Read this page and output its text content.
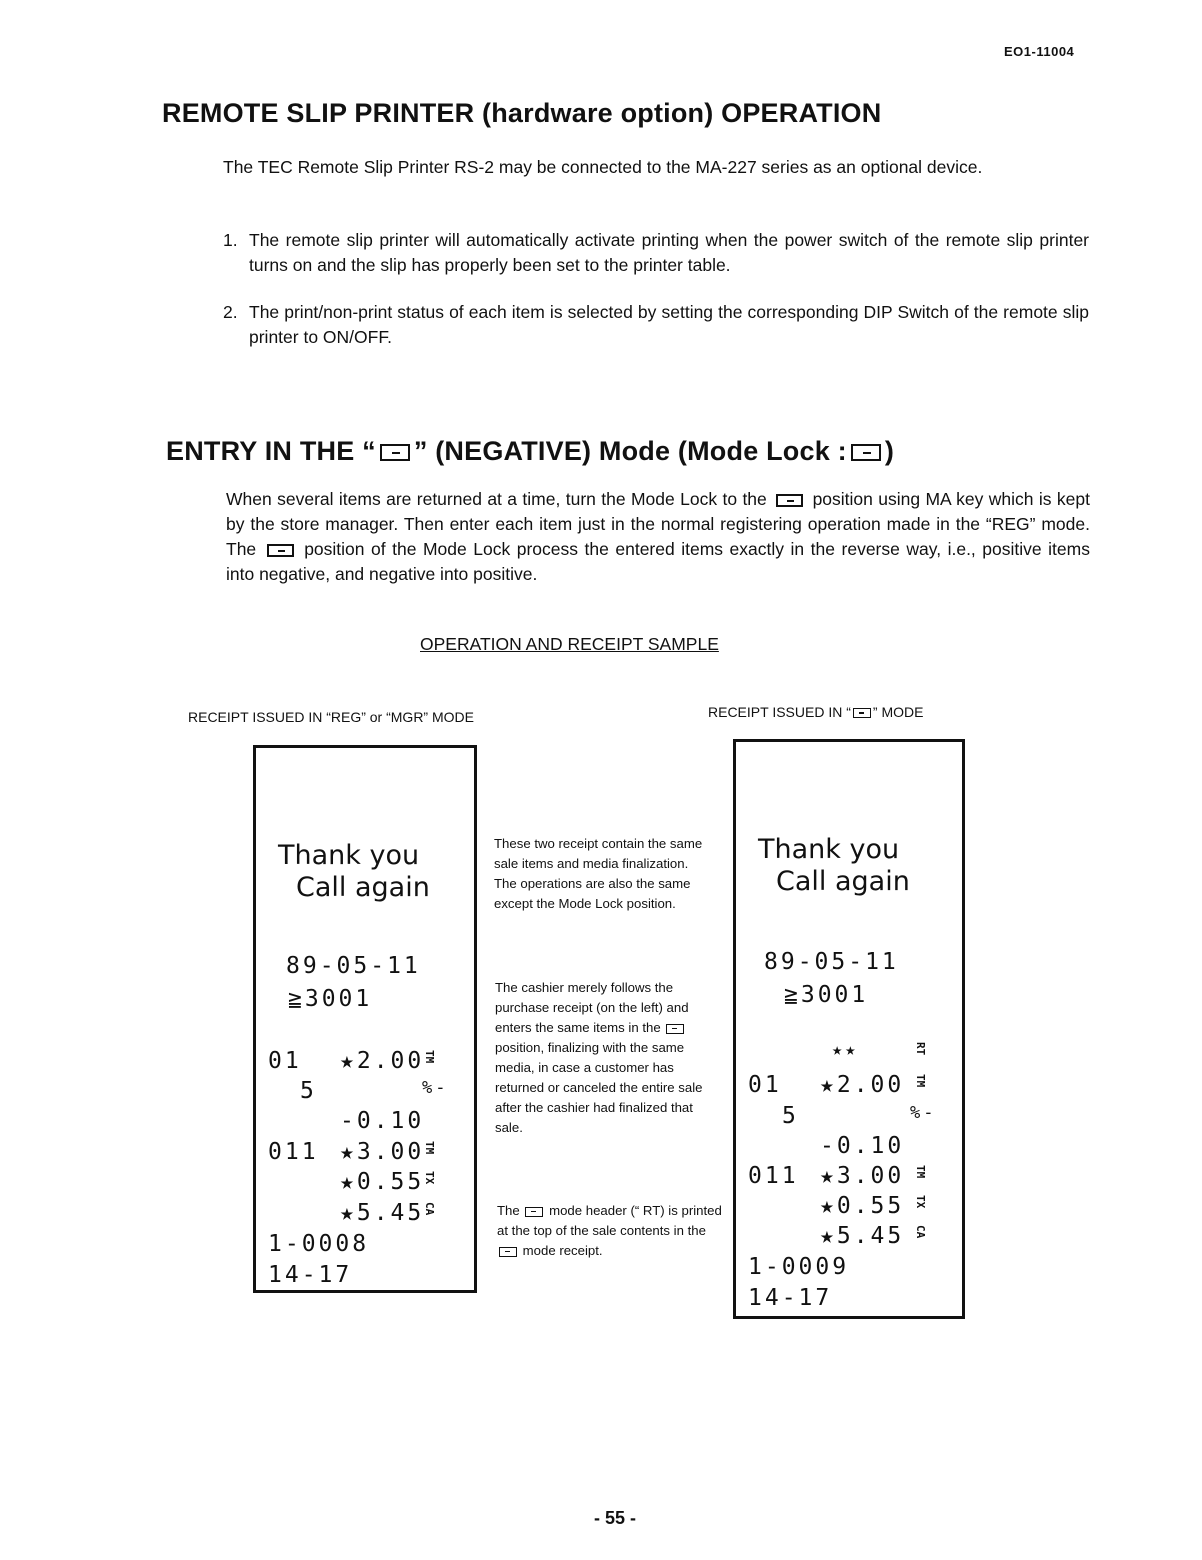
EO1-11004
REMOTE SLIP PRINTER (hardware option) OPERATION

The TEC Remote Slip Printer RS-2 may be connected to the MA-227 series as an optional device.

1. The remote slip printer will automatically activate printing when the power switch of the remote slip printer turns on and the slip has properly been set to the printer table.
2. The print/non-print status of each item is selected by setting the corresponding DIP Switch of the remote slip printer to ON/OFF.
ENTRY IN THE “ ” (NEGATIVE) Mode (Mode Lock : )

When several items are returned at a time, turn the Mode Lock to the	position using MA key which is kept by the store manager. Then enter each item just in the normal registering operation made in the “REG” mode. The	position of the Mode Lock process the entered items exactly in the reverse way, i.e., positive items into negative, and negative into positive.

OPERATION AND RECEIPT SAMPLE
RECEIPT ISSUED IN “REG” or “MGR” MODE	RECEIPT ISSUED IN “ ” MODE
Thank you
Call again
89-05-11
≧3001
01 ★2.00
TM
5	%-
-0.10
011 ★3.00
TM
★0.55
TX
★5.45
CA
1-0008
14-17
These two receipt contain the same sale items and media finalization. The operations are also the same except the Mode Lock position.
The cashier merely follows the purchase receipt (on the left) and enters the same items in the  position, finalizing with the same media, in case a customer has returned or canceled the entire sale after the cashier had finalized that sale.
The mode header (“ RT) is printed at the top of the sale contents in the  mode receipt.
Thank you
Call again
89-05-11
≧3001
★★	RT
01 ★2.00 TM
5	%-
-0.10
011 ★3.00 TM
★0.55 TX
★5.45 CA
1-0009
14-17
- 55 -
